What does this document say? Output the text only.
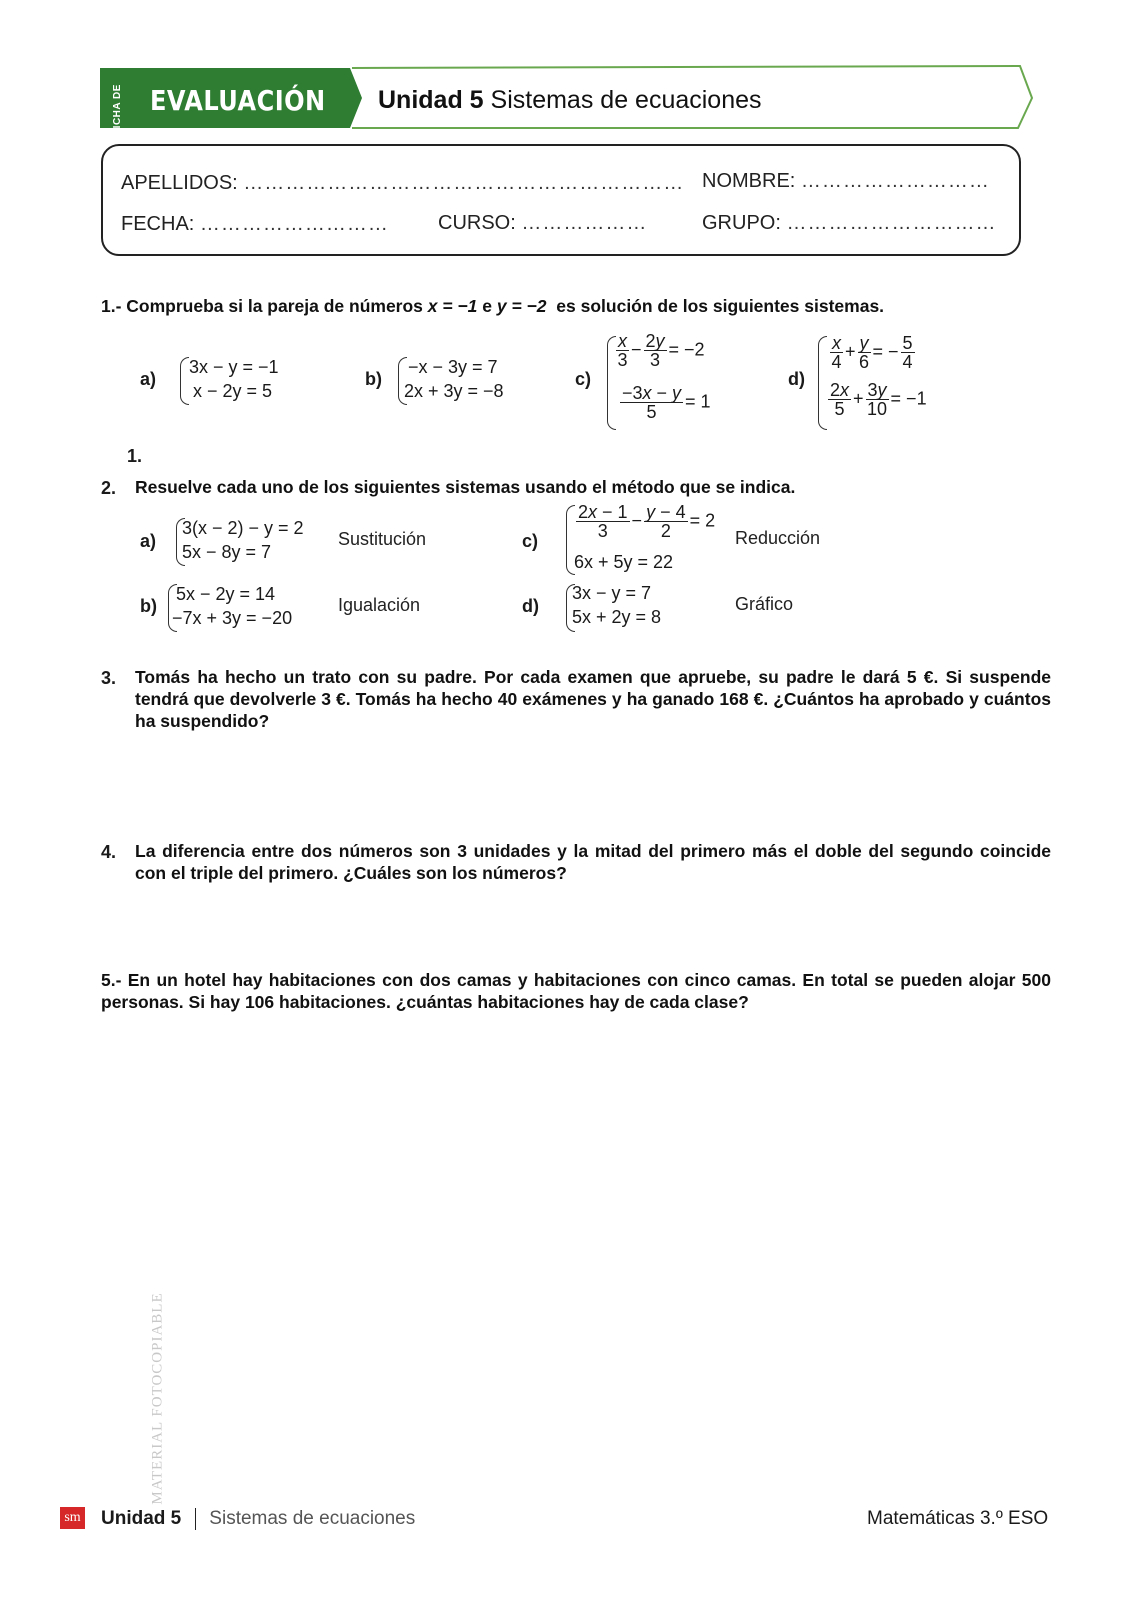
FICHA DE EVALUACIÓN Unidad 5 Sistemas de ecuaciones
APELLIDOS: ……………………………………………………… NOMBRE: ………………………
FECHA: ……………………… CURSO: ………………	GRUPO: …………………………
1.- Comprueba si la pareja de números x = −1 e y = −2 es solución de los siguientes sistemas.
a)
3x − y = −1
x − 2y = 5
b)
−x − 3y = 7
2x + 3y = −8
c)
$\frac{x}{3} - \frac{2y}{3} = -2$
$\frac{-3x - y}{5} = 1$
d)
$\frac{x}{4} + \frac{y}{6}$ = − $\frac{5}{4}$
$\frac{2x}{5} + \frac{3y}{10} = -1$
1.
2. Resuelve cada uno de los siguientes sistemas usando el método que se indica.
a)
3(x − 2) − y = 2
5x − 8y = 7
Sustitución	c)
$\frac{2x - 1}{3} - \frac{y - 4}{2} = 2$
6x + 5y = 22
Reducción
b)
5x − 2y = 14
−7x + 3y = −20
Igualación	d)
3x − y = 7
5x + 2y = 8
Gráfico
3. Tomás ha hecho un trato con su padre. Por cada examen que apruebe, su padre le dará 5 €. Si suspende tendrá que devolverle 3 €. Tomás ha hecho 40 exámenes y ha ganado 168 €. ¿Cuántos ha aprobado y cuántos ha suspendido?
4. La diferencia entre dos números son 3 unidades y la mitad del primero más el doble del segundo coincide con el triple del primero. ¿Cuáles son los números?
5.- En un hotel hay habitaciones con dos camas y habitaciones con cinco camas. En total se pueden alojar 500 personas. Si hay 106 habitaciones. ¿cuántas habitaciones hay de cada clase?
MATERIAL FOTOCOPIABLE
sm Unidad 5 Sistemas de ecuaciones	Matemáticas 3.º ESO
